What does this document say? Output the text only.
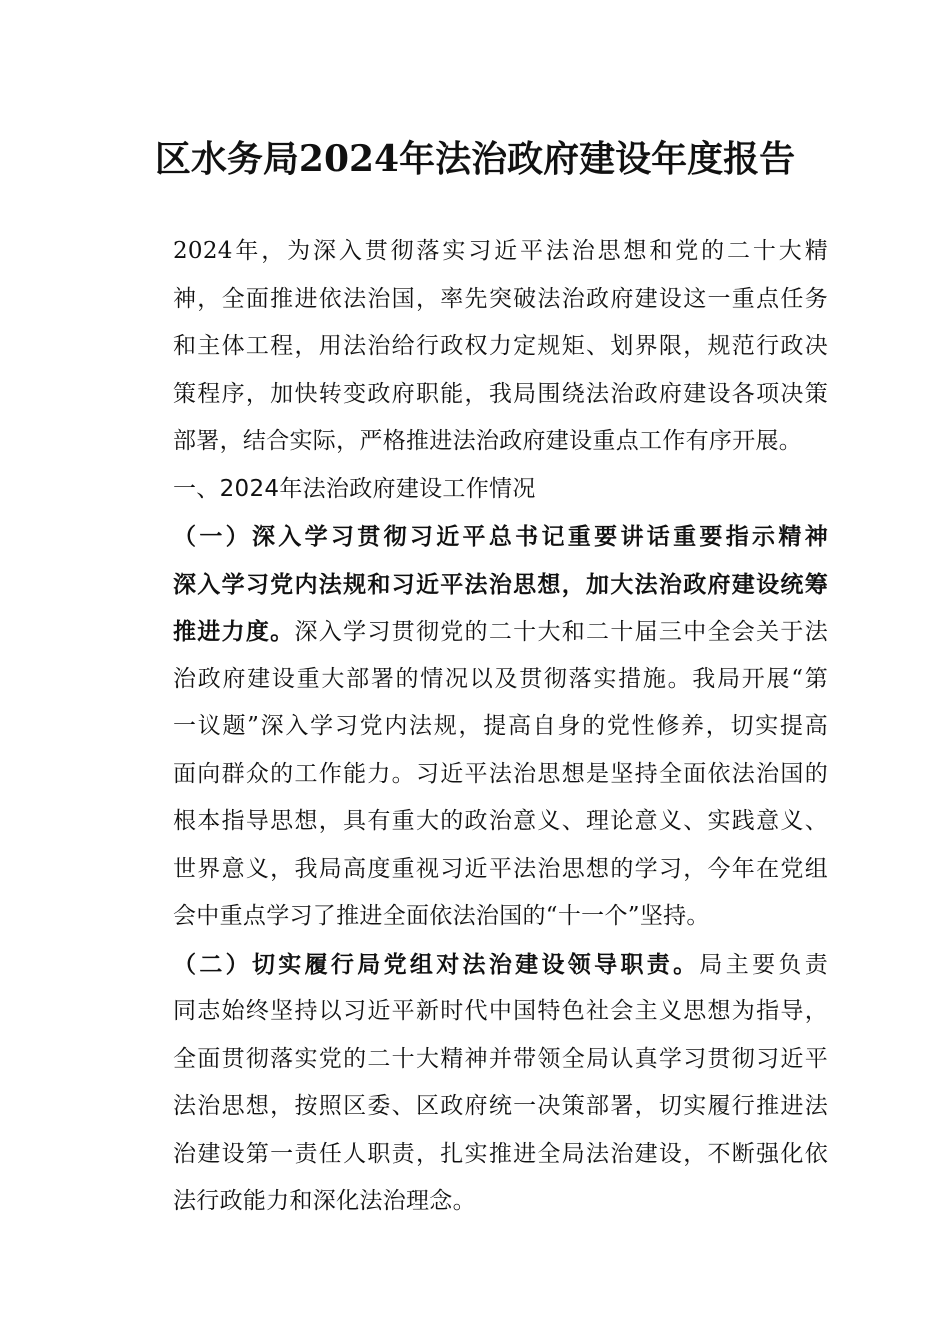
区水务局2024年法治政府建设年度报告
2024年，为深入贯彻落实习近平法治思想和党的二十大精
神，全面推进依法治国，率先突破法治政府建设这一重点任务
和主体工程，用法治给行政权力定规矩、划界限，规范行政决
策程序，加快转变政府职能，我局围绕法治政府建设各项决策
部署，结合实际，严格推进法治政府建设重点工作有序开展。
一、2024年法治政府建设工作情况
（一）深入学习贯彻习近平总书记重要讲话重要指示精神
深入学习党内法规和习近平法治思想，加大法治政府建设统筹
推进力度。深入学习贯彻党的二十大和二十届三中全会关于法
治政府建设重大部署的情况以及贯彻落实措施。我局开展“第
一议题”深入学习党内法规，提高自身的党性修养，切实提高
面向群众的工作能力。习近平法治思想是坚持全面依法治国的
根本指导思想，具有重大的政治意义、理论意义、实践意义、
世界意义，我局高度重视习近平法治思想的学习，今年在党组
会中重点学习了推进全面依法治国的“十一个”坚持。
（二）切实履行局党组对法治建设领导职责。局主要负责
同志始终坚持以习近平新时代中国特色社会主义思想为指导，
全面贯彻落实党的二十大精神并带领全局认真学习贯彻习近平
法治思想，按照区委、区政府统一决策部署，切实履行推进法
治建设第一责任人职责，扎实推进全局法治建设，不断强化依
法行政能力和深化法治理念。
